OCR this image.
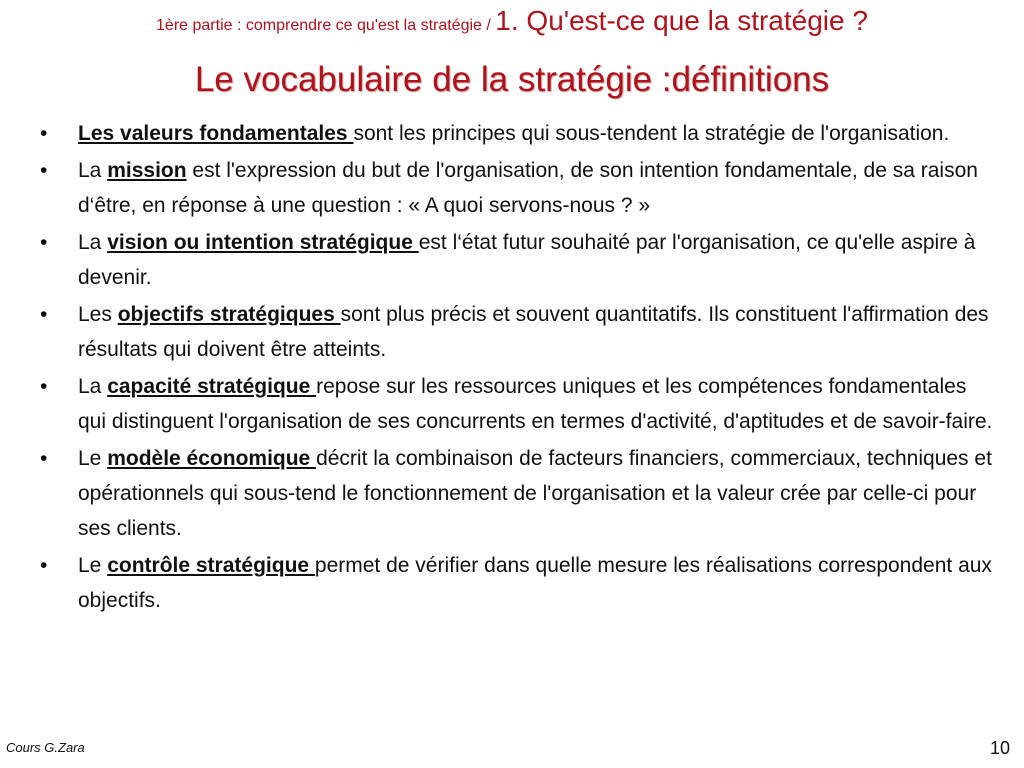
1ère partie : comprendre ce qu'est la stratégie / 1. Qu'est-ce que la stratégie ?
Le vocabulaire de la stratégie :définitions
• Les valeurs fondamentales sont les principes qui sous-tendent la stratégie de l'organisation.
• La mission est l'expression du but de l'organisation, de son intention fondamentale, de sa raison d‘être, en réponse à une question : « A quoi servons-nous ? »
• La vision ou intention stratégique est l‘état futur souhaité par l'organisation, ce qu'elle aspire à devenir.
• Les objectifs stratégiques sont plus précis et souvent quantitatifs. Ils constituent l'affirmation des résultats qui doivent être atteints.
• La capacité stratégique repose sur les ressources uniques et les compétences fondamentales qui distinguent l'organisation de ses concurrents en termes d'activité, d'aptitudes et de savoir-faire.
• Le modèle économique décrit la combinaison de facteurs financiers, commerciaux, techniques et opérationnels qui sous-tend le fonctionnement de l'organisation et la valeur crée par celle-ci pour ses clients.
• Le contrôle stratégique permet de vérifier dans quelle mesure les réalisations correspondent aux objectifs.
Cours G.Zara	10
